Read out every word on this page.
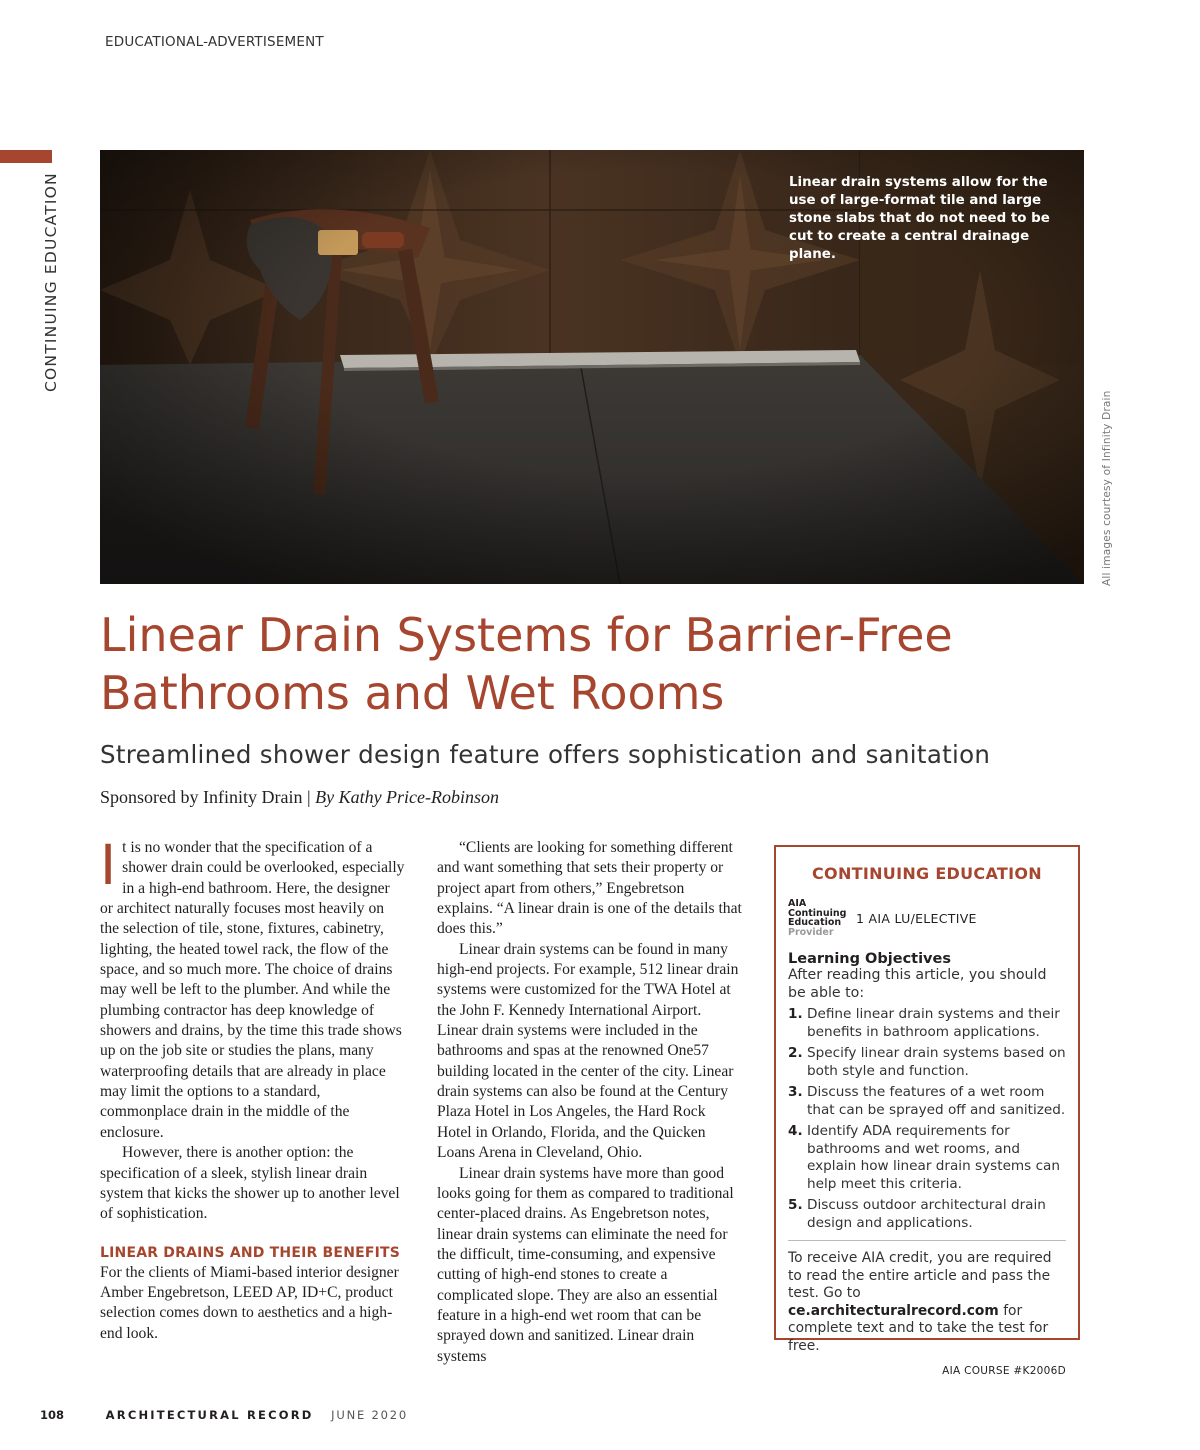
EDUCATIONAL-ADVERTISEMENT
CONTINUING EDUCATION	Linear drain systems allow for the use of large-format tile and large stone slabs that do not need to be cut to create a central drainage plane.
All images courtesy of Infinity Drain
Linear Drain Systems for Barrier-Free
Bathrooms and Wet Rooms
Streamlined shower design feature offers sophistication and sanitation
Sponsored by Infinity Drain | By Kathy Price-Robinson

It is no wonder that the specification of a shower drain could be overlooked, especially in a high-end bathroom. Here, the designer or architect naturally focuses most heavily on the selection of tile, stone, fixtures, cabinetry, lighting, the heated towel rack, the flow of the space, and so much more. The choice of drains may well be left to the plumber. And while the plumbing contractor has deep knowledge of showers and drains, by the time this trade shows up on the job site or studies the plans, many waterproofing details that are already in place may limit the options to a standard, commonplace drain in the middle of the enclosure.

However, there is another option: the specification of a sleek, stylish linear drain system that kicks the shower up to another level of sophistication.

LINEAR DRAINS AND THEIR BENEFITS

For the clients of Miami-based interior designer Amber Engebretson, LEED AP, ID+C, product selection comes down to aesthetics and a high-end look.

“Clients are looking for something different and want something that sets their property or project apart from others,” Engebretson explains. “A linear drain is one of the details that does this.”

Linear drain systems can be found in many high-end projects. For example, 512 linear drain systems were customized for the TWA Hotel at the John F. Kennedy International Airport. Linear drain systems were included in the bathrooms and spas at the renowned One57 building located in the center of the city. Linear drain systems can also be found at the Century Plaza Hotel in Los Angeles, the Hard Rock Hotel in Orlando, Florida, and the Quicken Loans Arena in Cleveland, Ohio.

Linear drain systems have more than good looks going for them as compared to traditional center-placed drains. As Engebretson notes, linear drain systems can eliminate the need for the difficult, time-consuming, and expensive cutting of high-end stones to create a complicated slope. They are also an essential feature in a high-end wet room that can be sprayed down and sanitized. Linear drain systems

CONTINUING EDUCATION
AIA
Continuing
Education
Provider
1 AIA LU/ELECTIVE
Learning Objectives
After reading this article, you should be able to:
1. Define linear drain systems and their benefits in bathroom applications.
2. Specify linear drain systems based on both style and function.
3. Discuss the features of a wet room that can be sprayed off and sanitized.
4. Identify ADA requirements for bathrooms and wet rooms, and explain how linear drain systems can help meet this criteria.
5. Discuss outdoor architectural drain design and applications.
To receive AIA credit, you are required to read the entire article and pass the test. Go to ce.architecturalrecord.com for complete text and to take the test for free.
AIA COURSE #K2006D
108	ARCHITECTURAL RECORD JUNE 2020
